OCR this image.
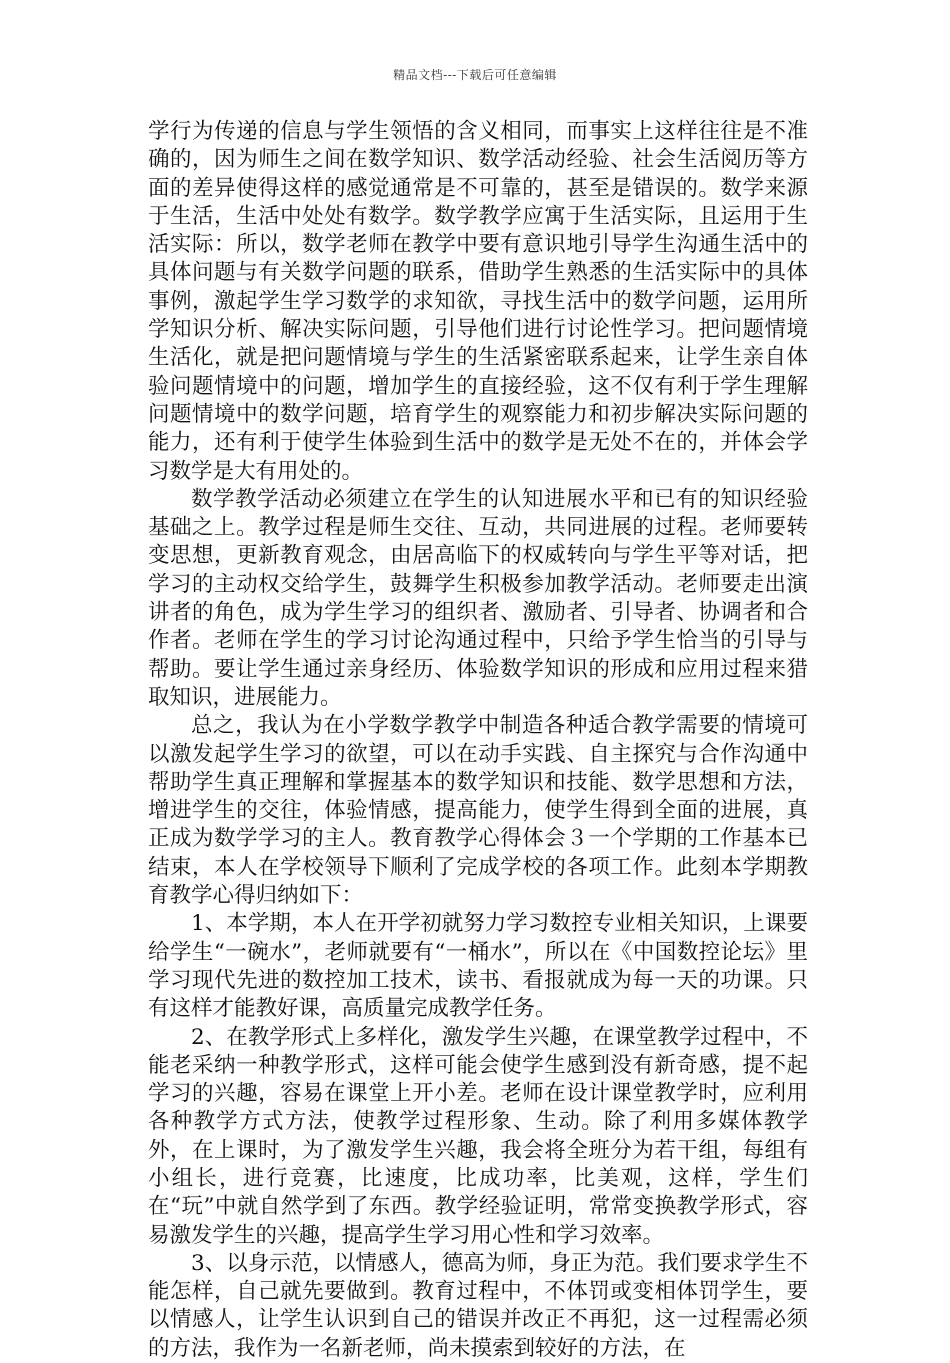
精品文档---下载后可任意编辑

学行为传递的信息与学生领悟的含义相同，而事实上这样往往是不准确的，因为师生之间在数学知识、数学活动经验、社会生活阅历等方面的差异使得这样的感觉通常是不可靠的，甚至是错误的。数学来源于生活，生活中处处有数学。数学教学应寓于生活实际，且运用于生活实际：所以，数学老师在教学中要有意识地引导学生沟通生活中的具体问题与有关数学问题的联系，借助学生熟悉的生活实际中的具体事例，激起学生学习数学的求知欲，寻找生活中的数学问题，运用所学知识分析、解决实际问题，引导他们进行讨论性学习。把问题情境生活化，就是把问题情境与学生的生活紧密联系起来，让学生亲自体验问题情境中的问题，增加学生的直接经验，这不仅有利于学生理解问题情境中的数学问题，培育学生的观察能力和初步解决实际问题的能力，还有利于使学生体验到生活中的数学是无处不在的，并体会学习数学是大有用处的。

数学教学活动必须建立在学生的认知进展水平和已有的知识经验基础之上。教学过程是师生交往、互动，共同进展的过程。老师要转变思想，更新教育观念，由居高临下的权威转向与学生平等对话，把学习的主动权交给学生，鼓舞学生积极参加教学活动。老师要走出演讲者的角色，成为学生学习的组织者、激励者、引导者、协调者和合作者。老师在学生的学习讨论沟通过程中，只给予学生恰当的引导与帮助。要让学生通过亲身经历、体验数学知识的形成和应用过程来猎取知识，进展能力。

总之，我认为在小学数学教学中制造各种适合教学需要的情境可以激发起学生学习的欲望，可以在动手实践、自主探究与合作沟通中帮助学生真正理解和掌握基本的数学知识和技能、数学思想和方法，增进学生的交往，体验情感，提高能力，使学生得到全面的进展，真正成为数学学习的主人。教育教学心得体会３一个学期的工作基本已结束，本人在学校领导下顺利了完成学校的各项工作。此刻本学期教育教学心得归纳如下：

1、本学期，本人在开学初就努力学习数控专业相关知识，上课要给学生“一碗水”，老师就要有“一桶水”，所以在《中国数控论坛》里学习现代先进的数控加工技术，读书、看报就成为每一天的功课。只有这样才能教好课，高质量完成教学任务。

2、在教学形式上多样化，激发学生兴趣，在课堂教学过程中，不能老采纳一种教学形式，这样可能会使学生感到没有新奇感，提不起学习的兴趣，容易在课堂上开小差。老师在设计课堂教学时，应利用各种教学方式方法，使教学过程形象、生动。除了利用多媒体教学外，在上课时，为了激发学生兴趣，我会将全班分为若干组，每组有小组长，进行竞赛，比速度，比成功率，比美观，这样，学生们在“玩”中就自然学到了东西。教学经验证明，常常变换教学形式，容易激发学生的兴趣，提高学生学习用心性和学习效率。

3、以身示范，以情感人，德高为师，身正为范。我们要求学生不能怎样，自己就先要做到。教育过程中，不体罚或变相体罚学生，要以情感人，让学生认识到自己的错误并改正不再犯，这一过程需必须的方法，我作为一名新老师，尚未摸索到较好的方法，在
